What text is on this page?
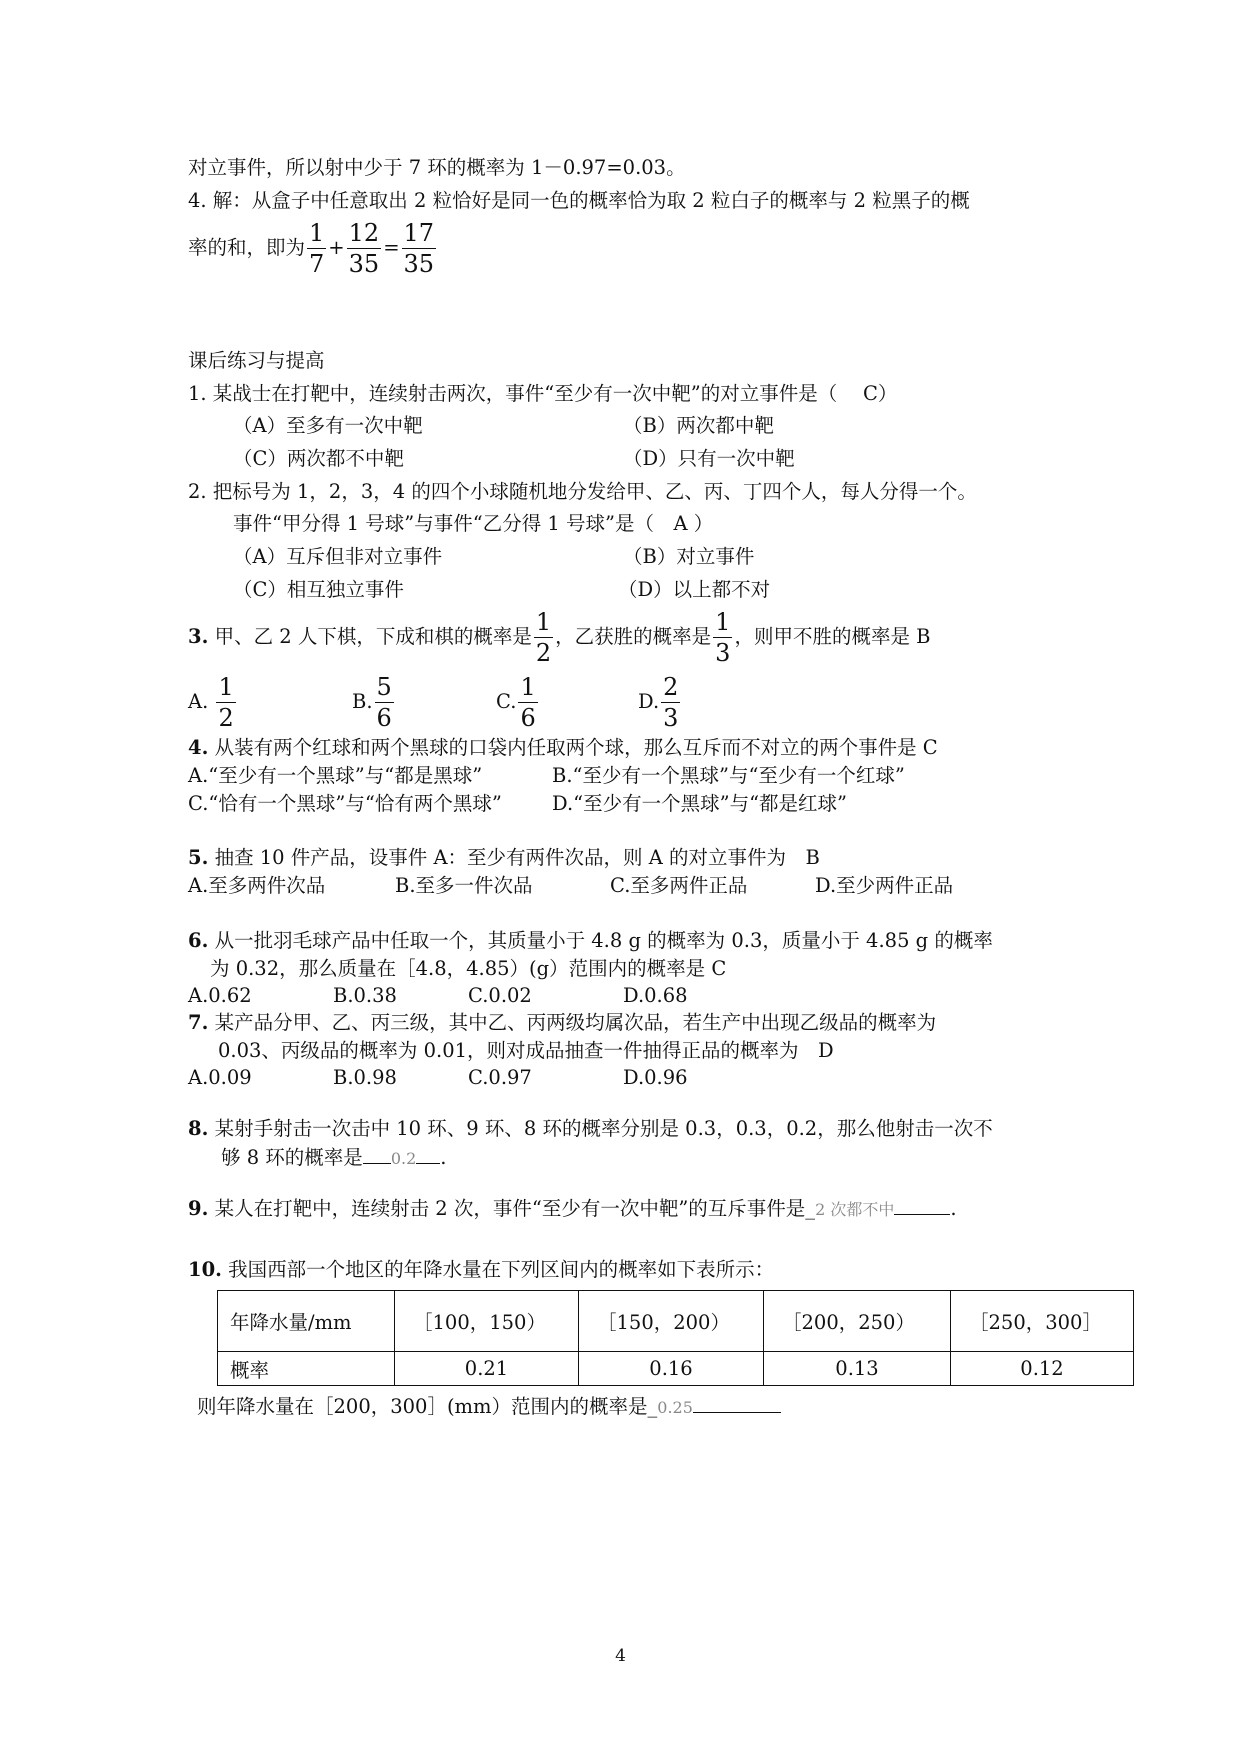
对立事件，所以射中少于 7 环的概率为 1－0.97=0.03。
4. 解：从盒子中任意取出 2 粒恰好是同一色的概率恰为取 2 粒白子的概率与 2 粒黑子的概
率的和，即为 $\frac{1}{7} + \frac{12}{35} = \frac{17}{35}$
课后练习与提高
1. 某战士在打靶中，连续射击两次，事件“至少有一次中靶”的对立事件是（　 C）
（A）至多有一次中靶	（B）两次都中靶
（C）两次都不中靶	（D）只有一次中靶
2. 把标号为 1，2，3，4 的四个小球随机地分发给甲、乙、丙、丁四个人，每人分得一个。
事件“甲分得 1 号球”与事件“乙分得 1 号球”是（　A ）
（A）互斥但非对立事件	（B）对立事件
（C）相互独立事件	（D）以上都不对
3. 甲、乙 2 人下棋，下成和棋的概率是 $\frac{1}{2}$ ，乙获胜的概率是 $\frac{1}{3}$ ，则甲不胜的概率是 B
A. $\frac{1}{2}$	B. $\frac{5}{6}$	C. $\frac{1}{6}$	D. $\frac{2}{3}$
4. 从装有两个红球和两个黑球的口袋内任取两个球，那么互斥而不对立的两个事件是 C
A.“至少有一个黑球”与“都是黑球”	B.“至少有一个黑球”与“至少有一个红球”
C.“恰有一个黑球”与“恰有两个黑球”	D.“至少有一个黑球”与“都是红球”
5. 抽查 10 件产品，设事件 A：至少有两件次品，则 A 的对立事件为　B
A.至多两件次品	B.至多一件次品	C.至多两件正品	D.至少两件正品
6. 从一批羽毛球产品中任取一个，其质量小于 4.8 g 的概率为 0.3，质量小于 4.85 g 的概率
为 0.32，那么质量在［4.8，4.85）(g）范围内的概率是 C
A.0.62	B.0.38	C.0.02	D.0.68
7. 某产品分甲、乙、丙三级，其中乙、丙两级均属次品，若生产中出现乙级品的概率为
0.03、丙级品的概率为 0.01，则对成品抽查一件抽得正品的概率为　D
A.0.09	B.0.98	C.0.97	D.0.96
8. 某射手射击一次击中 10 环、9 环、8 环的概率分别是 0.3，0.3，0.2，那么他射击一次不
够 8 环的概率是 0.2 .
9. 某人在打靶中，连续射击 2 次，事件“至少有一次中靶”的互斥事件是_2 次都不中	.
10. 我国西部一个地区的年降水量在下列区间内的概率如下表所示：
年降水量/mm	［100，150）	［150，200）	［200，250）	［250，300］
概率	0.21	0.16	0.13	0.12
则年降水量在［200，300］(mm）范围内的概率是_0.25
4
